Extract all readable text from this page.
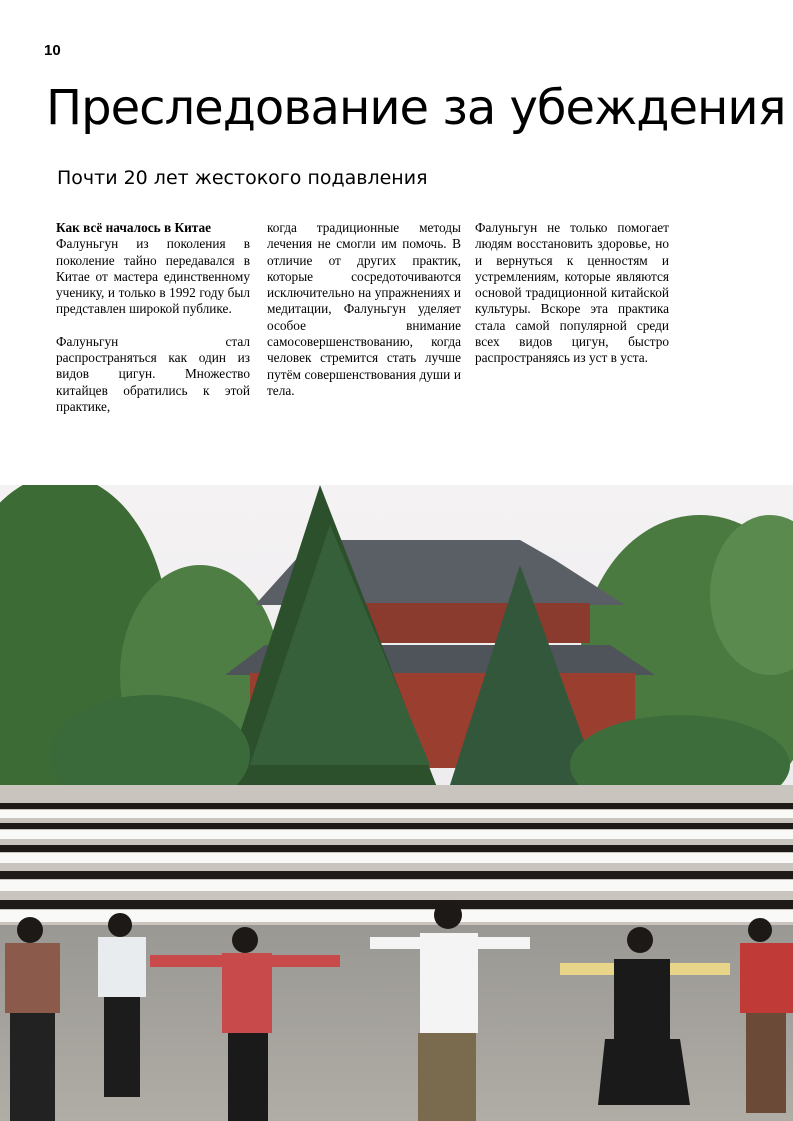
10
Преследование за убеждения
Почти 20 лет жестокого подавления
Как всё началось в Китае

Фалуньгун из поколения в поколение тайно передавался в Китае от мастера единственному ученику, и только в 1992 году был представлен широкой публике.

Фалуньгун стал распространяться как один из видов цигун. Множество китайцев обратились к этой практике,

когда традиционные методы лечения не смогли им помочь. В отличие от других практик, которые сосредоточиваются исключительно на упражнениях и медитации, Фалуньгун уделяет особое внимание самосовершенствованию, когда человек стремится стать лучше путём совершенствования души и тела.

Фалуньгун не только помогает людям восстановить здоровье, но и вернуться к ценностям и устремлениям, которые являются основой традиционной китайской культуры. Вскоре эта практика стала самой популярной среди всех видов цигун, быстро распространяясь из уст в уста.
